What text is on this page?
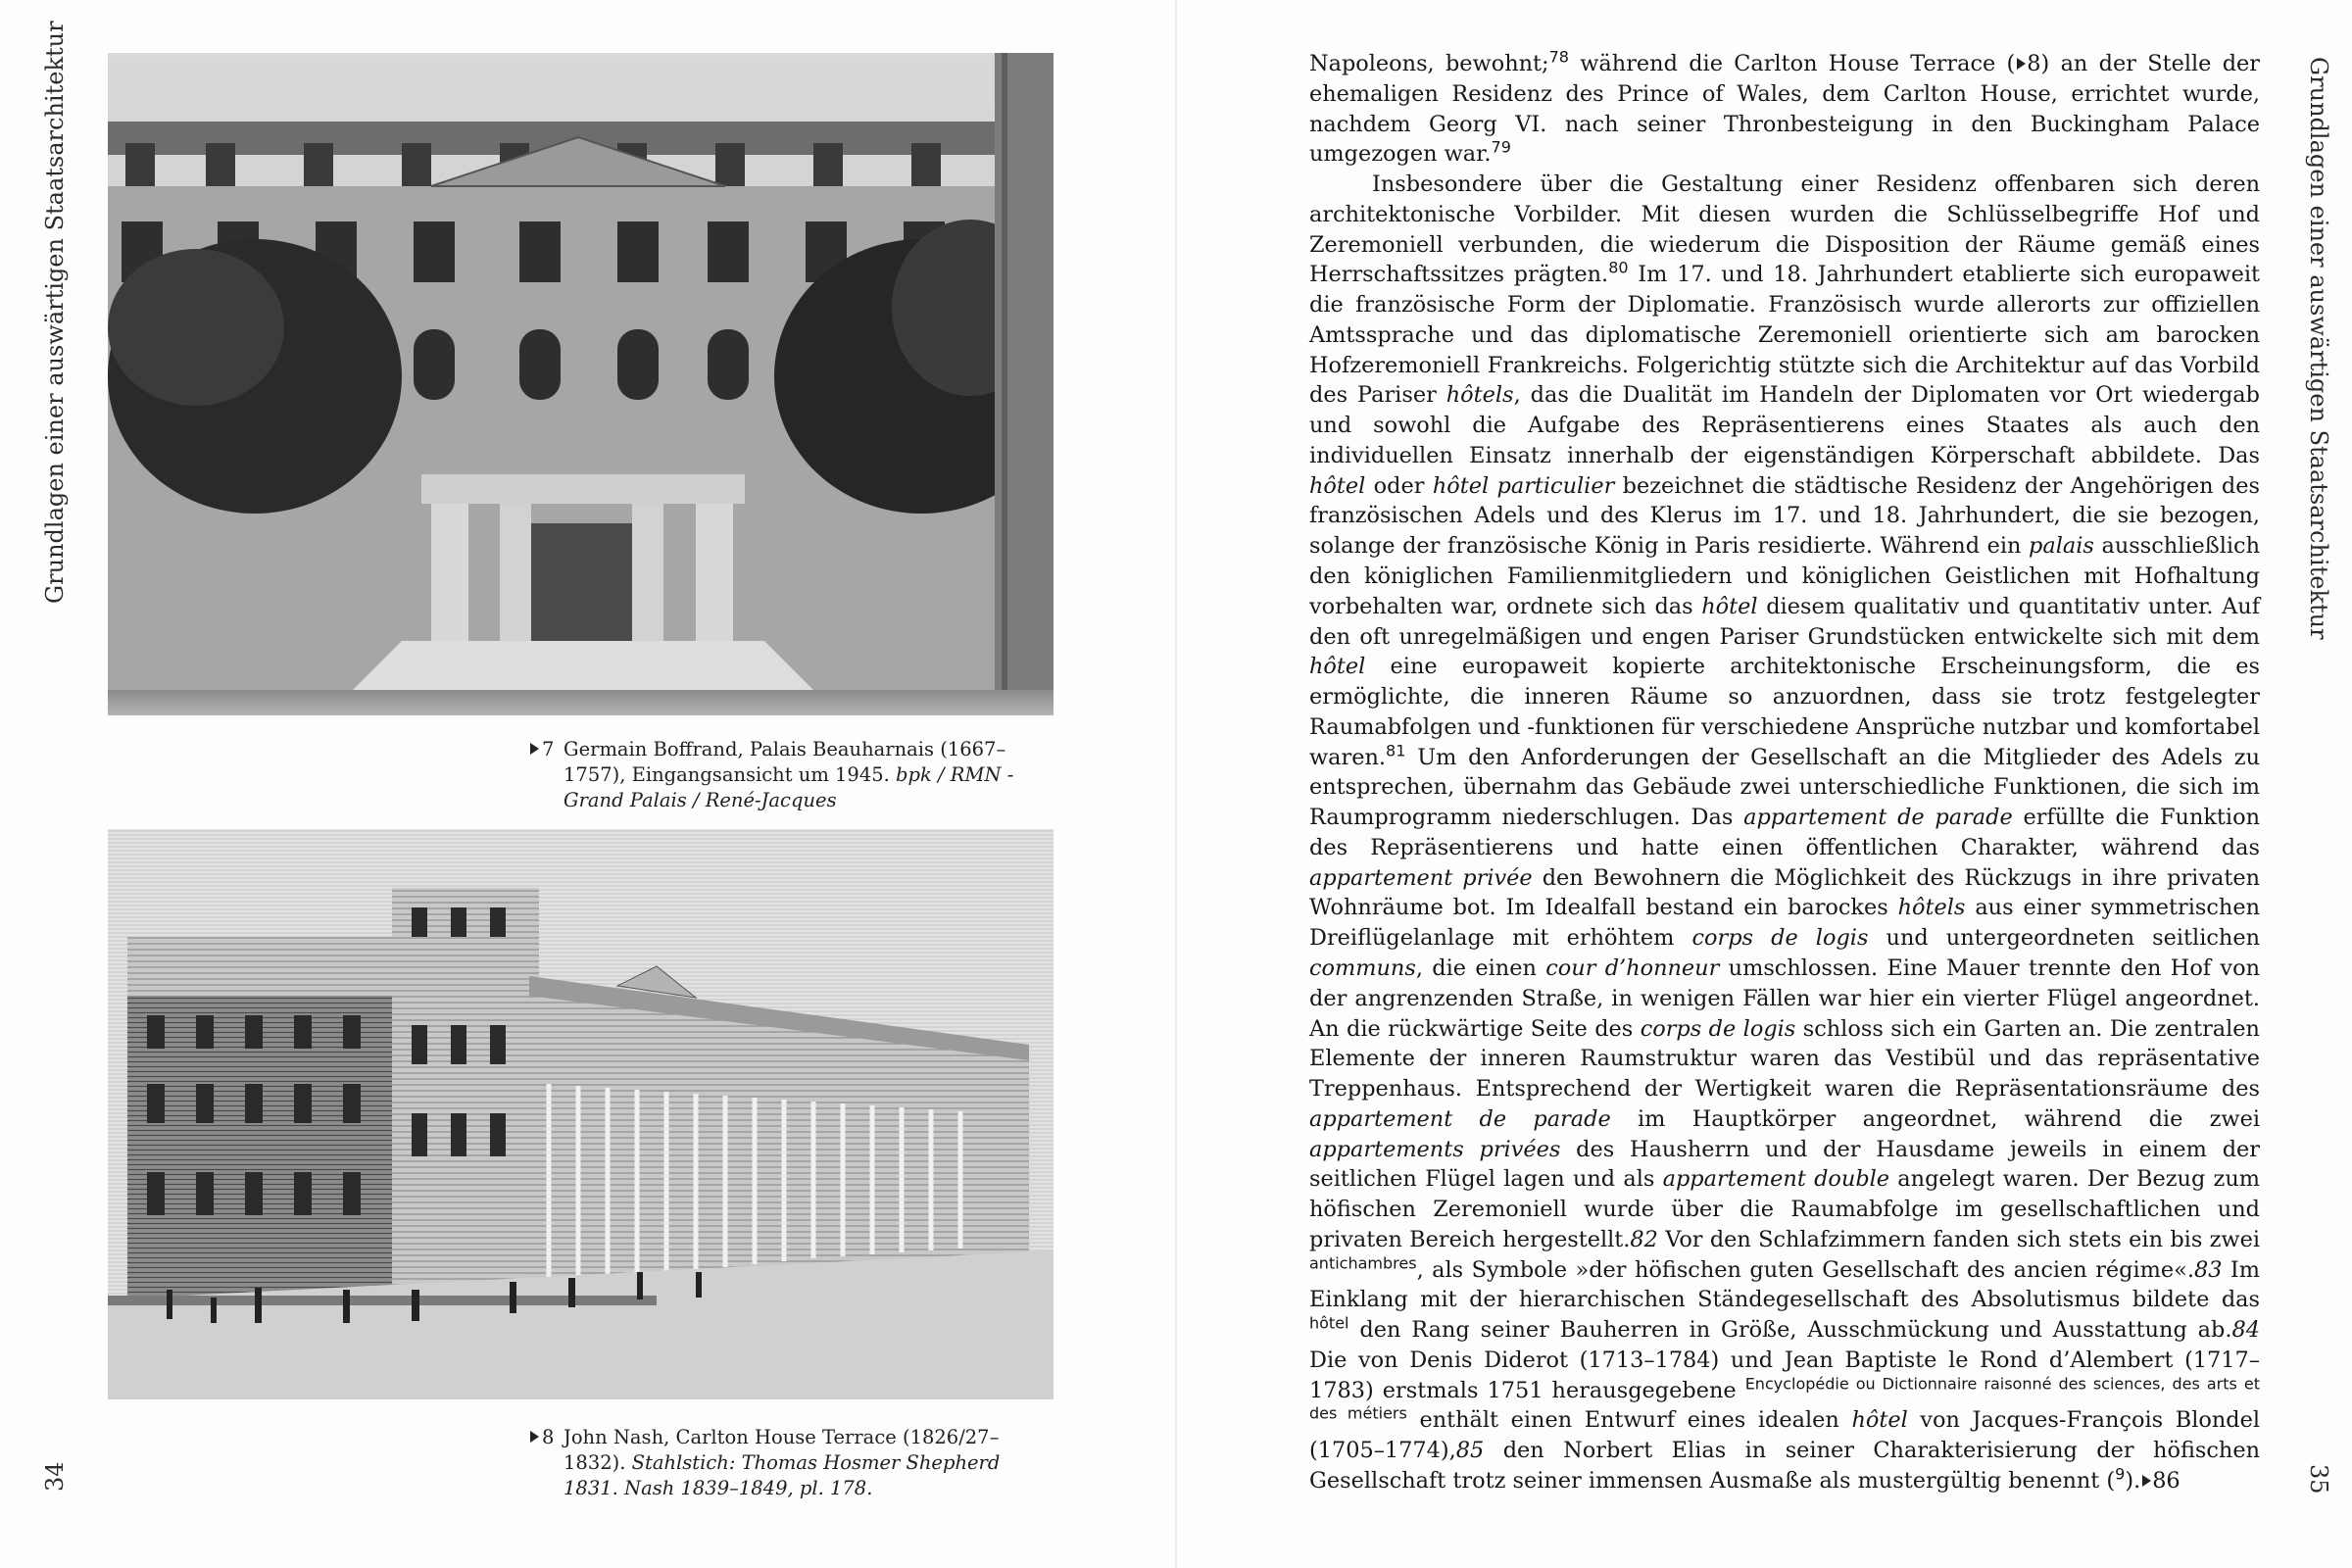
Grundlagen einer auswärtigen Staatsarchitektur
34
7 Germain Boffrand, Palais Beauharnais (1667–1757), Eingangsansicht um 1945. bpk / RMN - Grand Palais / René-Jacques
8 John Nash, Carlton House Terrace (1826/27–1832). Stahlstich: Thomas Hosmer Shepherd 1831. Nash 1839–1849, pl. 178.
Grundlagen einer auswärtigen Staatsarchitektur
35

Napoleons, bewohnt;$^{78}$ während die Carlton House Terrace ( 8) an der Stelle der ehemaligen Residenz des Prince of Wales, dem Carlton House, errichtet wurde, nachdem Georg VI. nach seiner Thronbesteigung in den Buckingham Palace umgezogen war.$^{79}$

Insbesondere über die Gestaltung einer Residenz offenbaren sich deren architektonische Vorbilder. Mit diesen wurden die Schlüsselbegriffe Hof und Zeremoniell verbunden, die wiederum die Disposition der Räume gemäß eines Herrschaftssitzes prägten.$^{80}$ Im 17. und 18. Jahrhundert etablierte sich europaweit die französische Form der Diplomatie. Französisch wurde allerorts zur offiziellen Amtssprache und das diplomatische Zeremoniell orientierte sich am barocken Hofzeremoniell Frankreichs. Folgerichtig stützte sich die Architektur auf das Vorbild des Pariser hôtels, das die Dualität im Handeln der Diplomaten vor Ort wiedergab und sowohl die Aufgabe des Repräsentierens eines Staates als auch den individuellen Einsatz innerhalb der eigenständigen Körperschaft abbildete. Das hôtel oder hôtel particulier bezeichnet die städtische Residenz der Angehörigen des französischen Adels und des Klerus im 17. und 18. Jahrhundert, die sie bezogen, solange der französische König in Paris residierte. Während ein palais ausschließlich den königlichen Familienmitgliedern und königlichen Geistlichen mit Hofhaltung vorbehalten war, ordnete sich das hôtel diesem qualitativ und quantitativ unter. Auf den oft unregelmäßigen und engen Pariser Grundstücken entwickelte sich mit dem hôtel eine europaweit kopierte architektonische Erscheinungsform, die es ermöglichte, die inneren Räume so anzuordnen, dass sie trotz festgelegter Raumabfolgen und -funktionen für verschiedene Ansprüche nutzbar und komfortabel waren.$^{81}$ Um den Anforderungen der Gesellschaft an die Mitglieder des Adels zu entsprechen, übernahm das Gebäude zwei unterschiedliche Funktionen, die sich im Raumprogramm niederschlugen. Das appartement de parade erfüllte die Funktion des Repräsentierens und hatte einen öffentlichen Charakter, während das appartement privée den Bewohnern die Möglichkeit des Rückzugs in ihre privaten Wohnräume bot. Im Idealfall bestand ein barockes hôtels aus einer symmetrischen Dreiflügelanlage mit erhöhtem corps de logis und untergeordneten seitlichen communs, die einen cour d’honneur umschlossen. Eine Mauer trennte den Hof von der angrenzenden Straße, in wenigen Fällen war hier ein vierter Flügel angeordnet. An die rückwärtige Seite des corps de logis schloss sich ein Garten an. Die zentralen Elemente der inneren Raumstruktur waren das Vestibül und das repräsentative Treppenhaus. Entsprechend der Wertigkeit waren die Repräsentationsräume des appartement de parade im Hauptkörper angeordnet, während die zwei appartements privées des Hausherrn und der Hausdame jeweils in einem der seitlichen Flügel lagen und als appartement double angelegt waren. Der Bezug zum höfischen Zeremoniell wurde über die Raumabfolge im gesellschaftlichen und privaten Bereich hergestellt.82 Vor den Schlafzimmern fanden sich stets ein bis zwei $^{antichambres}$, als Symbole »der höfischen guten Gesellschaft des ancien régime«.83 Im Einklang mit der hierarchischen Ständegesellschaft des Absolutismus bildete das $^{hôtel}$ den Rang seiner Bauherren in Größe, Ausschmückung und Ausstattung ab.84 Die von Denis Diderot (1713–1784) und Jean Baptiste le Rond d’Alembert (1717–1783) erstmals 1751 herausgegebene $^{Encyclopédie ou Dictionnaire raisonné des sciences, des arts et des métiers}$ enthält einen Entwurf eines idealen hôtel von Jacques-François Blondel (1705–1774),85 den Norbert Elias in seiner Charakterisierung der höfischen Gesellschaft trotz seiner immensen Ausmaße als mustergültig benennt ($^9$). 86
